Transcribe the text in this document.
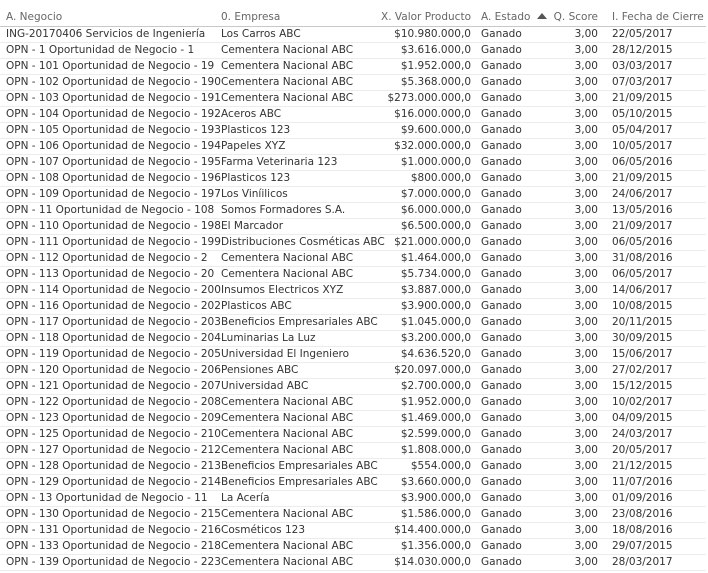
A. Negocio	0. Empresa	X. Valor Producto	A. Estado	Q. Score	I. Fecha de Cierre
ING-20170406 Servicios de Ingeniería	Los Carros ABC	$10.980.000,0	Ganado	3,00	22/05/2017
OPN - 1 Oportunidad de Negocio - 1	Cementera Nacional ABC	$3.616.000,0	Ganado	3,00	28/12/2015
OPN - 101 Oportunidad de Negocio - 19	Cementera Nacional ABC	$1.952.000,0	Ganado	3,00	03/03/2017
OPN - 102 Oportunidad de Negocio - 190	Cementera Nacional ABC	$5.368.000,0	Ganado	3,00	07/03/2017
OPN - 103 Oportunidad de Negocio - 191	Cementera Nacional ABC	$273.000.000,0	Ganado	3,00	21/09/2015
OPN - 104 Oportunidad de Negocio - 192	Aceros ABC	$16.000.000,0	Ganado	3,00	05/10/2015
OPN - 105 Oportunidad de Negocio - 193	Plasticos 123	$9.600.000,0	Ganado	3,00	05/04/2017
OPN - 106 Oportunidad de Negocio - 194	Papeles XYZ	$32.000.000,0	Ganado	3,00	10/05/2017
OPN - 107 Oportunidad de Negocio - 195	Farma Veterinaria 123	$1.000.000,0	Ganado	3,00	06/05/2016
OPN - 108 Oportunidad de Negocio - 196	Plasticos 123	$800.000,0	Ganado	3,00	21/09/2015
OPN - 109 Oportunidad de Negocio - 197	Los Viníilicos	$7.000.000,0	Ganado	3,00	24/06/2017
OPN - 11 Oportunidad de Negocio - 108	Somos Formadores S.A.	$6.000.000,0	Ganado	3,00	13/05/2016
OPN - 110 Oportunidad de Negocio - 198	El Marcador	$6.500.000,0	Ganado	3,00	21/09/2017
OPN - 111 Oportunidad de Negocio - 199	Distribuciones Cosméticas ABC	$21.000.000,0	Ganado	3,00	06/05/2016
OPN - 112 Oportunidad de Negocio - 2	Cementera Nacional ABC	$1.464.000,0	Ganado	3,00	31/08/2016
OPN - 113 Oportunidad de Negocio - 20	Cementera Nacional ABC	$5.734.000,0	Ganado	3,00	06/05/2017
OPN - 114 Oportunidad de Negocio - 200	Insumos Electricos XYZ	$3.887.000,0	Ganado	3,00	14/06/2017
OPN - 116 Oportunidad de Negocio - 202	Plasticos ABC	$3.900.000,0	Ganado	3,00	10/08/2015
OPN - 117 Oportunidad de Negocio - 203	Beneficios Empresariales ABC	$1.045.000,0	Ganado	3,00	20/11/2015
OPN - 118 Oportunidad de Negocio - 204	Luminarias La Luz	$3.200.000,0	Ganado	3,00	30/09/2015
OPN - 119 Oportunidad de Negocio - 205	Universidad El Ingeniero	$4.636.520,0	Ganado	3,00	15/06/2017
OPN - 120 Oportunidad de Negocio - 206	Pensiones ABC	$20.097.000,0	Ganado	3,00	27/02/2017
OPN - 121 Oportunidad de Negocio - 207	Universidad ABC	$2.700.000,0	Ganado	3,00	15/12/2015
OPN - 122 Oportunidad de Negocio - 208	Cementera Nacional ABC	$1.952.000,0	Ganado	3,00	10/02/2017
OPN - 123 Oportunidad de Negocio - 209	Cementera Nacional ABC	$1.469.000,0	Ganado	3,00	04/09/2015
OPN - 125 Oportunidad de Negocio - 210	Cementera Nacional ABC	$2.599.000,0	Ganado	3,00	24/03/2017
OPN - 127 Oportunidad de Negocio - 212	Cementera Nacional ABC	$1.808.000,0	Ganado	3,00	20/05/2017
OPN - 128 Oportunidad de Negocio - 213	Beneficios Empresariales ABC	$554.000,0	Ganado	3,00	21/12/2015
OPN - 129 Oportunidad de Negocio - 214	Beneficios Empresariales ABC	$3.660.000,0	Ganado	3,00	11/07/2016
OPN - 13 Oportunidad de Negocio - 11	La Acería	$3.900.000,0	Ganado	3,00	01/09/2016
OPN - 130 Oportunidad de Negocio - 215	Cementera Nacional ABC	$1.586.000,0	Ganado	3,00	23/08/2016
OPN - 131 Oportunidad de Negocio - 216	Cosméticos 123	$14.400.000,0	Ganado	3,00	18/08/2016
OPN - 133 Oportunidad de Negocio - 218	Cementera Nacional ABC	$1.356.000,0	Ganado	3,00	29/07/2015
OPN - 139 Oportunidad de Negocio - 223	Cementera Nacional ABC	$14.030.000,0	Ganado	3,00	28/03/2017
